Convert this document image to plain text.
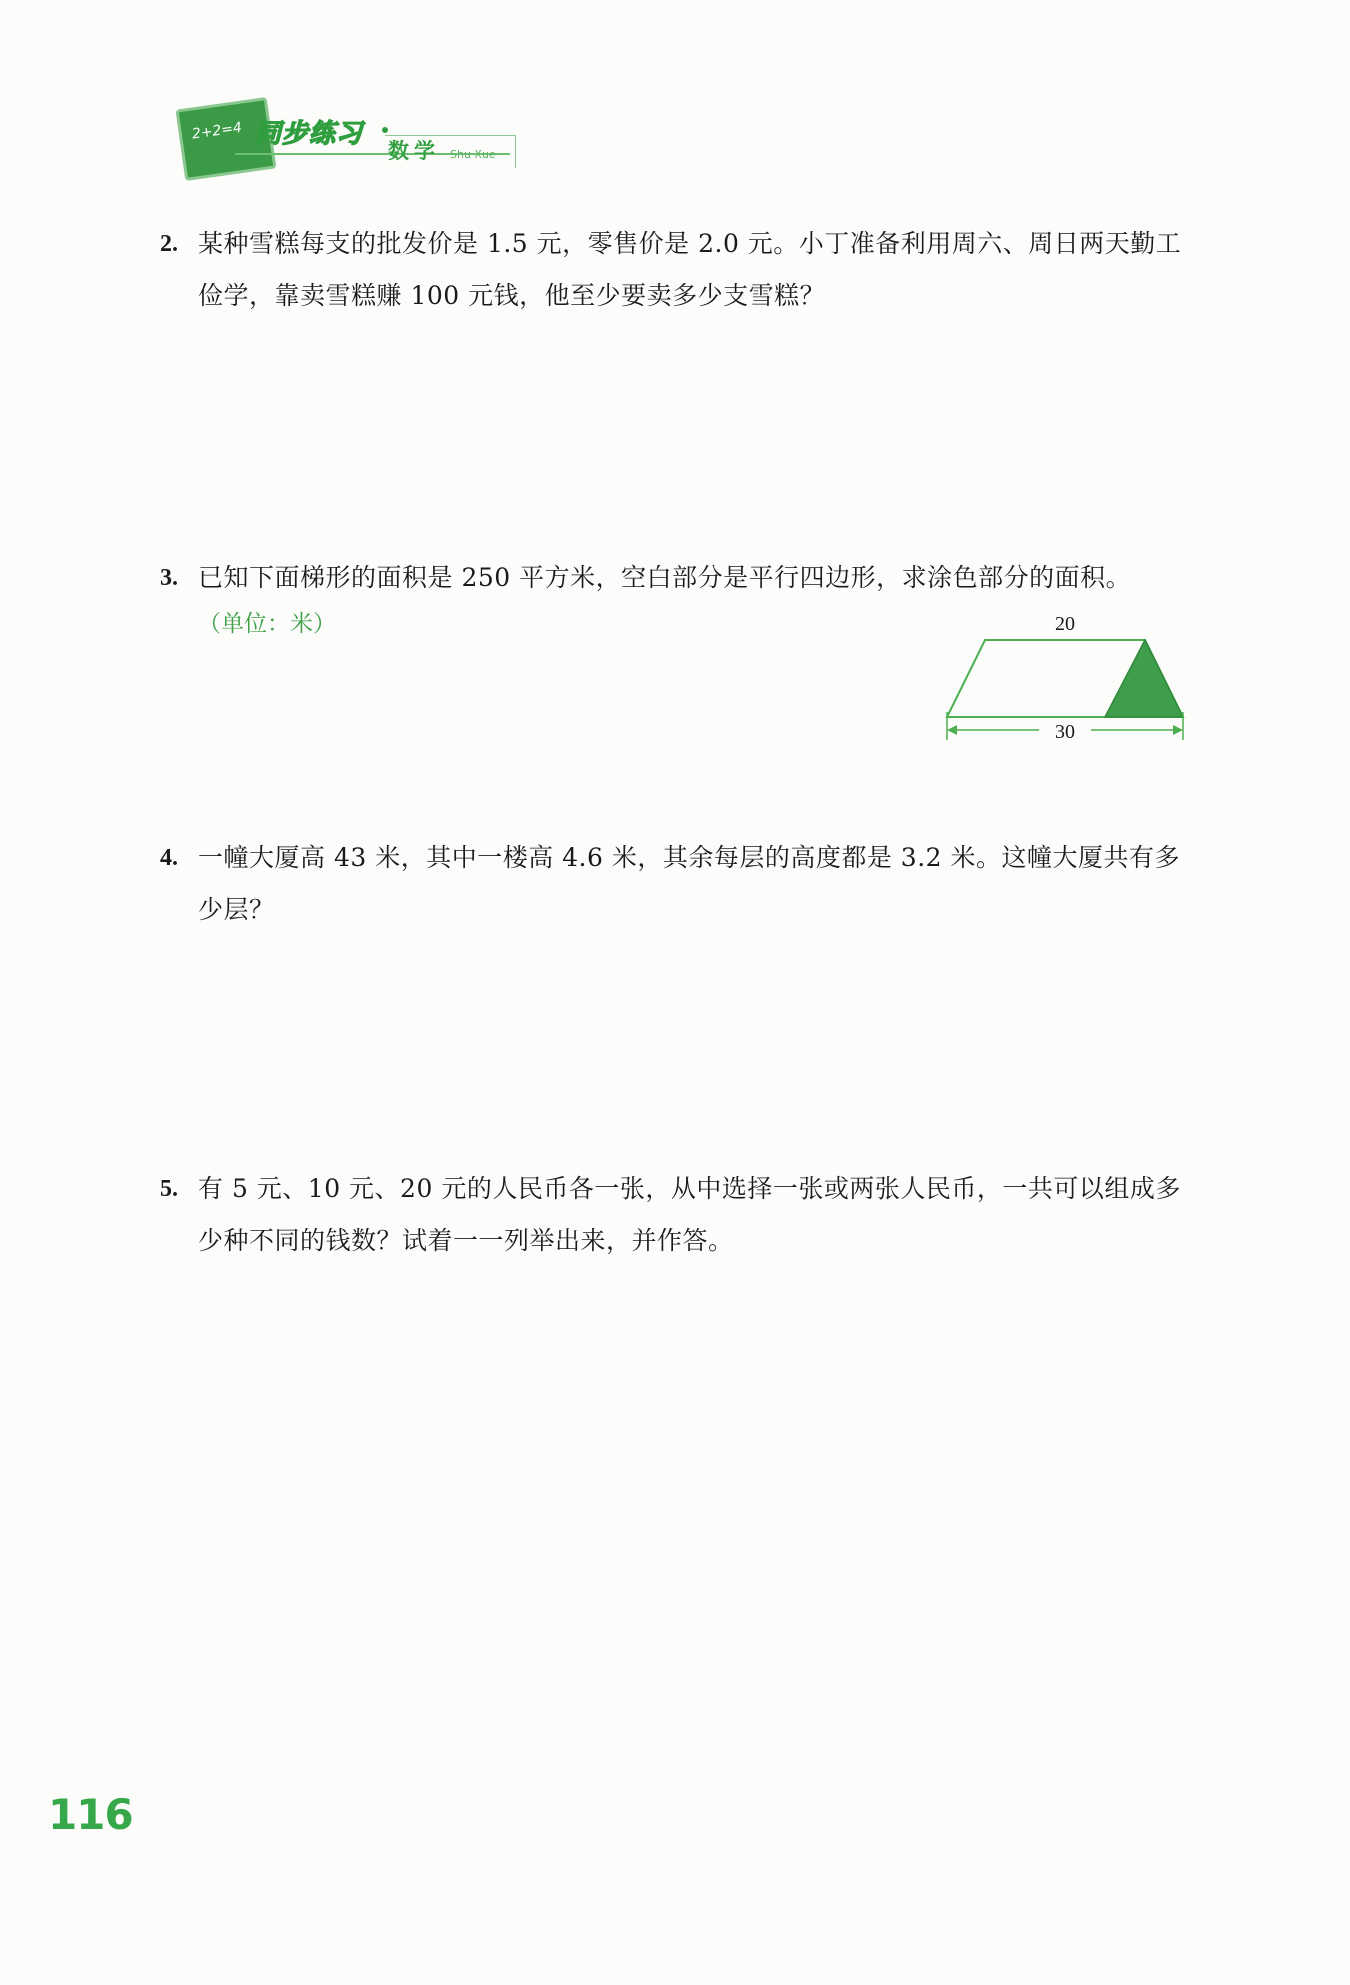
2+2=4 同步练习
数学 Shu Xue
2. 某种雪糕每支的批发价是 1.5 元，零售价是 2.0 元。小丁准备利用周六、周日两天勤工俭学，靠卖雪糕赚 100 元钱，他至少要卖多少支雪糕？
3. 已知下面梯形的面积是 250 平方米，空白部分是平行四边形，求涂色部分的面积。
（单位：米）	20
30
4. 一幢大厦高 43 米，其中一楼高 4.6 米，其余每层的高度都是 3.2 米。这幢大厦共有多少层？
5. 有 5 元、10 元、20 元的人民币各一张，从中选择一张或两张人民币，一共可以组成多少种不同的钱数？试着一一列举出来，并作答。
116
